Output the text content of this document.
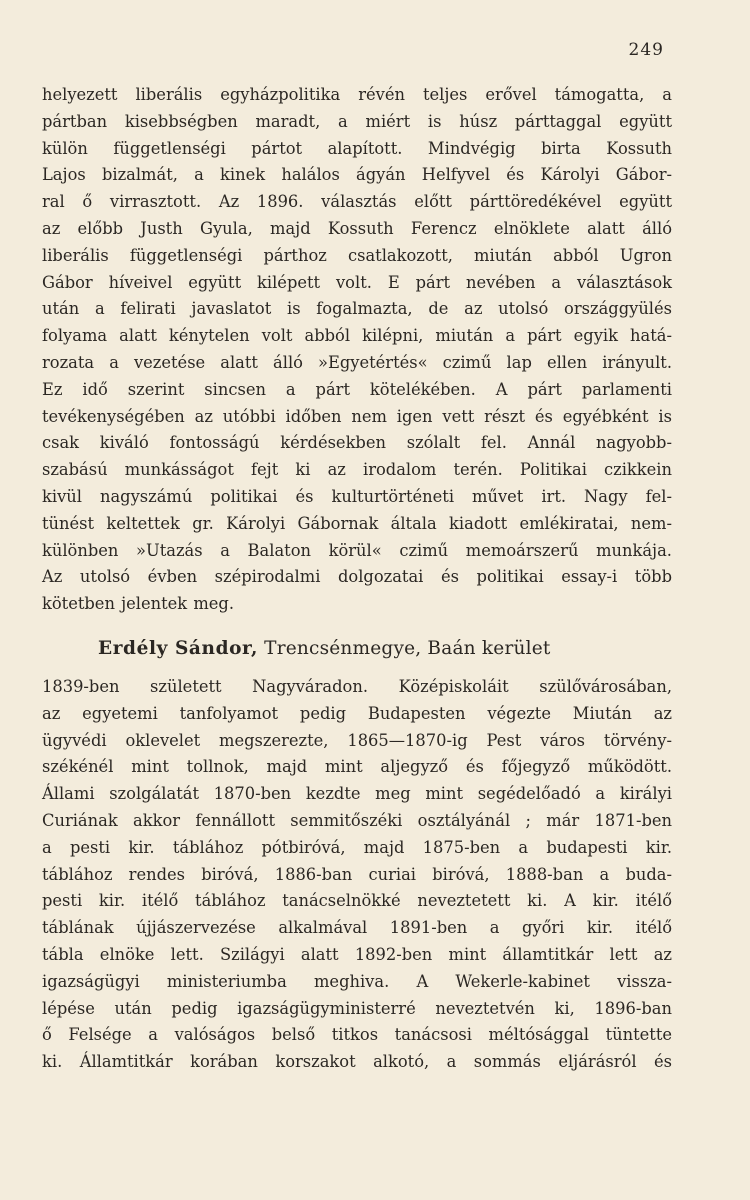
249
helyezett liberális egyházpolitika révén teljes erővel támogatta, a
pártban kisebbségben maradt, a miért is húsz párttaggal együtt
külön függetlenségi pártot alapított. Mindvégig birta Kossuth
Lajos bizalmát, a kinek halálos ágyán Helfyvel és Károlyi Gábor-
ral ő virrasztott. Az 1896. választás előtt párttöredékével együtt
az előbb Justh Gyula, majd Kossuth Ferencz elnöklete alatt álló
liberális függetlenségi párthoz csatlakozott, miután abból Ugron
Gábor híveivel együtt kilépett volt. E párt nevében a választások
után a felirati javaslatot is fogalmazta, de az utolsó országgyülés
folyama alatt kénytelen volt abból kilépni, miután a párt egyik hatá-
rozata a vezetése alatt álló »Egyetértés« czimű lap ellen irányult.
Ez idő szerint sincsen a párt kötelékében. A párt parlamenti
tevékenységében az utóbbi időben nem igen vett részt és egyébként is
csak kiváló fontosságú kérdésekben szólalt fel. Annál nagyobb-
szabású munkásságot fejt ki az irodalom terén. Politikai czikkein
kivül nagyszámú politikai és kulturtörténeti művet irt. Nagy fel-
tünést keltettek gr. Károlyi Gábornak általa kiadott emlékiratai, nem-
különben »Utazás a Balaton körül« czimű memoárszerű munkája.
Az utolsó évben szépirodalmi dolgozatai és politikai essay-i több
kötetben jelentek meg.
Erdély Sándor, Trencsénmegye, Baán kerület
1839-ben született Nagyváradon. Középiskoláit szülővárosában,
az egyetemi tanfolyamot pedig Budapesten végezte Miután az
ügyvédi oklevelet megszerezte, 1865—1870-ig Pest város törvény-
székénél mint tollnok, majd mint aljegyző és főjegyző működött.
Állami szolgálatát 1870-ben kezdte meg mint segédelőadó a királyi
Curiának akkor fennállott semmitőszéki osztályánál ; már 1871-ben
a pesti kir. táblához pótbiróvá, majd 1875-ben a budapesti kir.
táblához rendes biróvá, 1886-ban curiai biróvá, 1888-ban a buda-
pesti kir. itélő táblához tanácselnökké neveztetett ki. A kir. itélő
táblának újjászervezése alkalmával 1891-ben a győri kir. itélő
tábla elnöke lett. Szilágyi alatt 1892-ben mint államtitkár lett az
igazságügyi ministeriumba meghiva. A Wekerle-kabinet vissza-
lépése után pedig igazságügyministerré neveztetvén ki, 1896-ban
ő Felsége a valóságos belső titkos tanácsosi méltósággal tüntette
ki. Államtitkár korában korszakot alkotó, a sommás eljárásról és
